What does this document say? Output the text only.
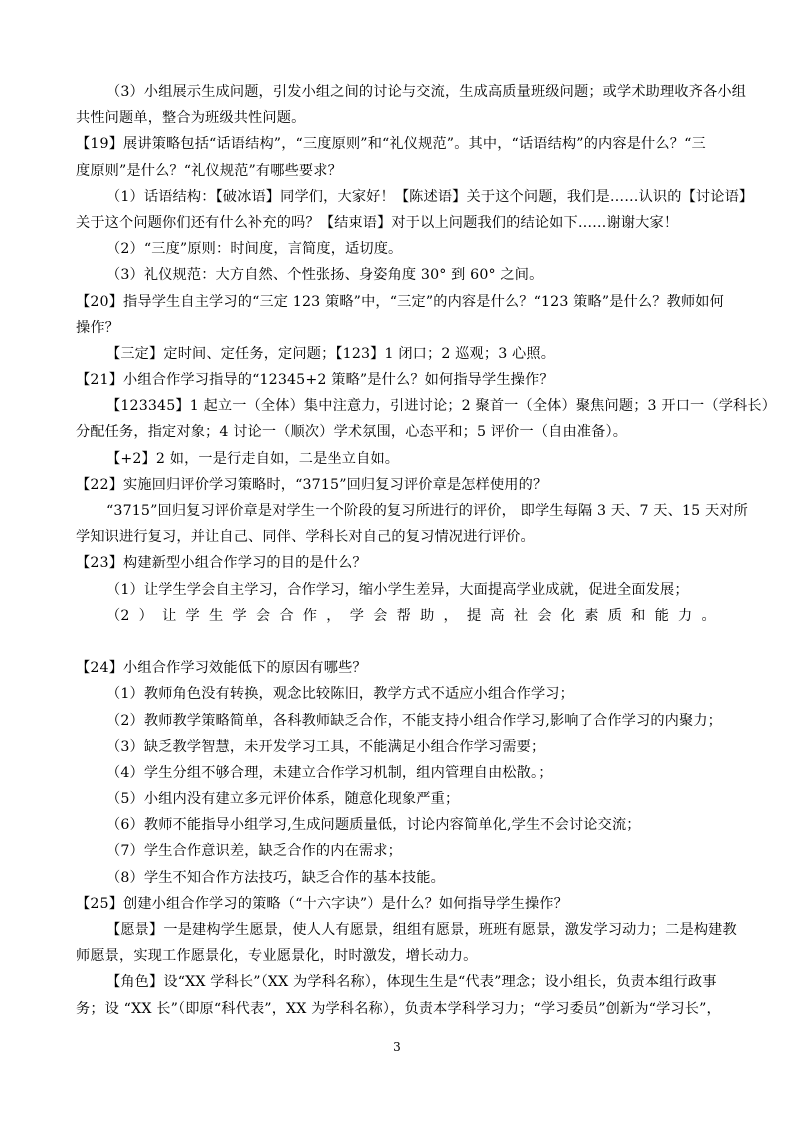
（3）小组展示生成问题，引发小组之间的讨论与交流，生成高质量班级问题；或学术助理收齐各小组
共性问题单，整合为班级共性问题。
【19】展讲策略包括“话语结构”，“三度原则”和“礼仪规范”。其中，“话语结构”的内容是什么？“三
度原则”是什么？“礼仪规范”有哪些要求？
（1）话语结构：【破冰语】同学们，大家好！【陈述语】关于这个问题，我们是……认识的【讨论语】
关于这个问题你们还有什么补充的吗？【结束语】对于以上问题我们的结论如下……谢谢大家！
（2）“三度”原则：时间度，言简度，适切度。
（3）礼仪规范：大方自然、个性张扬、身姿角度 30° 到 60° 之间。
【20】指导学生自主学习的“三定 123 策略”中，“三定”的内容是什么？“123 策略”是什么？教师如何
操作？
【三定】定时间、定任务，定问题；【123】1 闭口；2 巡观；3 心照。
【21】小组合作学习指导的“12345+2 策略”是什么？如何指导学生操作？
【123345】1 起立一（全体）集中注意力，引进讨论；2 聚首一（全体）聚焦问题；3 开口一（学科长）
分配任务，指定对象；4 讨论一（顺次）学术氛围，心态平和；5 评价一（自由准备）。
【+2】2 如，一是行走自如，二是坐立自如。
【22】实施回归评价学习策略时，“3715”回归复习评价章是怎样使用的？
“3715”回归复习评价章是对学生一个阶段的复习所进行的评价， 即学生每隔 3 天、7 天、15 天对所
学知识进行复习，并让自己、同伴、学科长对自己的复习情况进行评价。
【23】构建新型小组合作学习的目的是什么？
（1）让学生学会自主学习，合作学习，缩小学生差异，大面提高学业成就，促进全面发展；
（2 ） 让 学 生 学 会 合 作 ， 学 会 帮 助 ， 提 高 社 会 化 素 质 和 能 力 。
【24】小组合作学习效能低下的原因有哪些？
（1）教师角色没有转换，观念比较陈旧，教学方式不适应小组合作学习；
（2）教师教学策略简单，各科教师缺乏合作，不能支持小组合作学习,影响了合作学习的内聚力；
（3）缺乏教学智慧，未开发学习工具，不能满足小组合作学习需要；
（4）学生分组不够合理，未建立合作学习机制，组内管理自由松散。；
（5）小组内没有建立多元评价体系，随意化现象严重；
（6）教师不能指导小组学习,生成问题质量低，讨论内容简单化,学生不会讨论交流；
（7）学生合作意识差，缺乏合作的内在需求；
（8）学生不知合作方法技巧，缺乏合作的基本技能。
【25】创建小组合作学习的策略（“十六字诀”）是什么？如何指导学生操作？
【愿景】一是建构学生愿景，使人人有愿景，组组有愿景，班班有愿景，激发学习动力；二是构建教
师愿景，实现工作愿景化，专业愿景化，时时激发，增长动力。
【角色】设“XX 学科长”（XX 为学科名称），体现生生是“代表”理念；设小组长，负责本组行政事
务；设 “XX 长”（即原“科代表”，XX 为学科名称），负责本学科学习力；“学习委员”创新为“学习长”，
3
